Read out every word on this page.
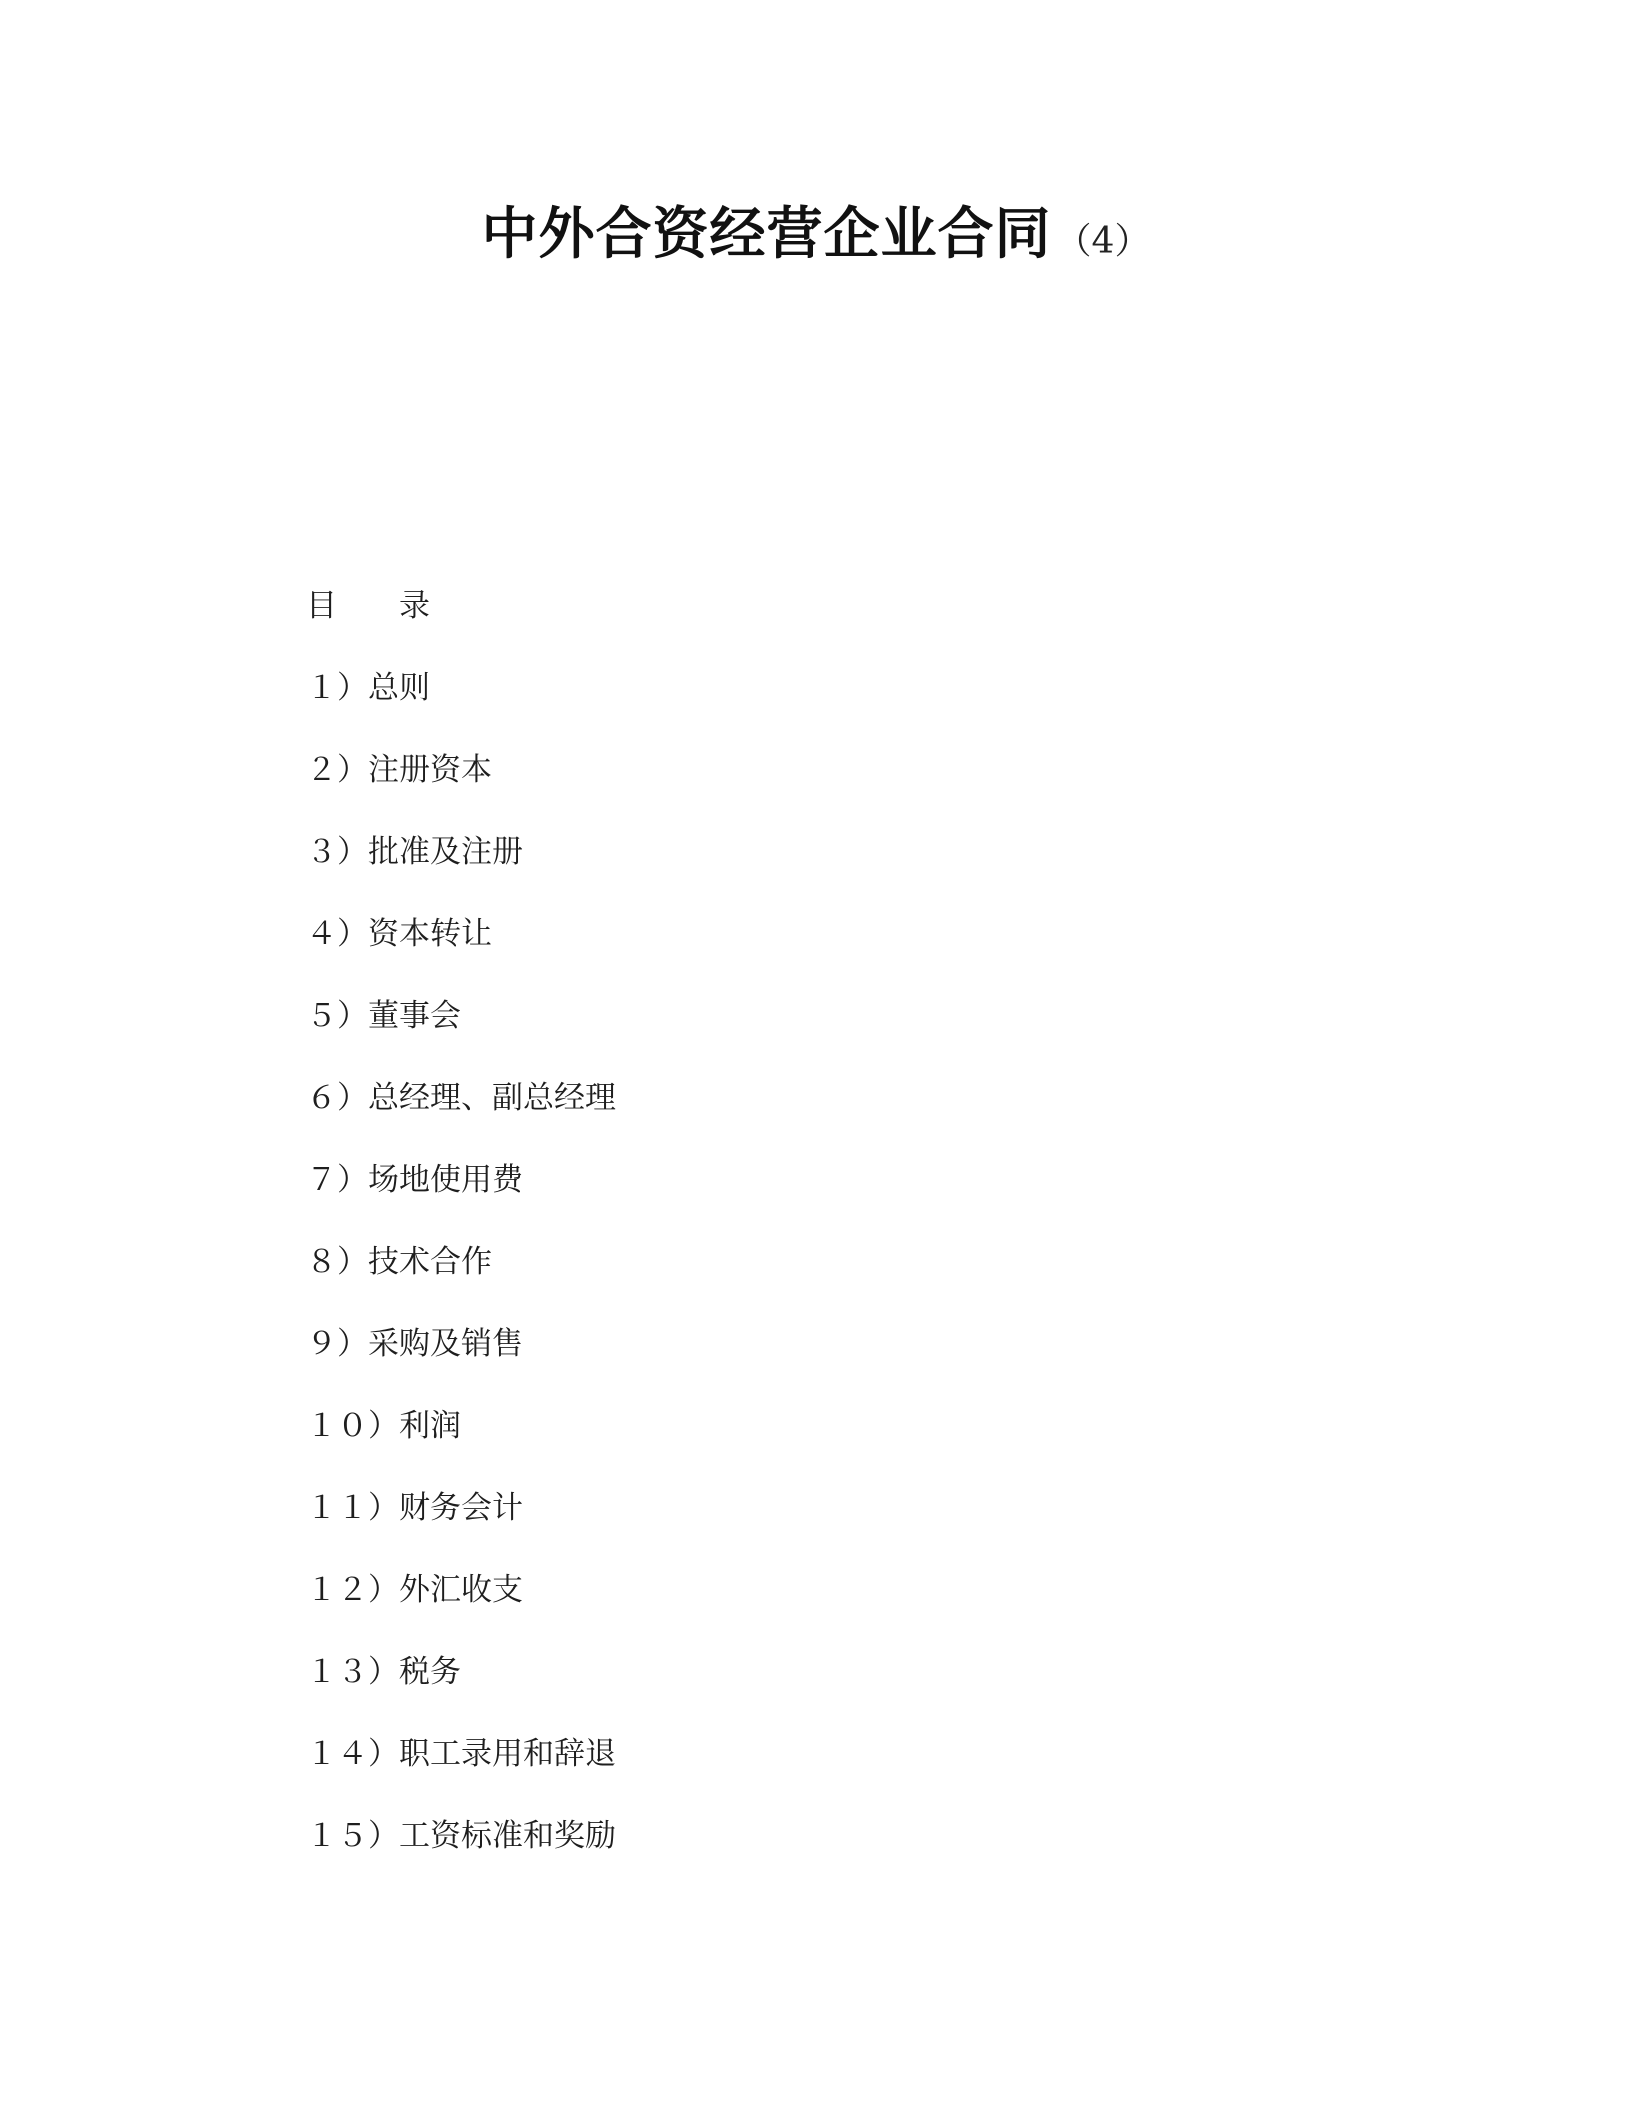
中外合资经营企业合同 （4）
目　　录
１）总则
２）注册资本
３）批准及注册
４）资本转让
５）董事会
６）总经理、副总经理
７）场地使用费
８）技术合作
９）采购及销售
１０）利润
１１）财务会计
１２）外汇收支
１３）税务
１４）职工录用和辞退
１５）工资标准和奖励
